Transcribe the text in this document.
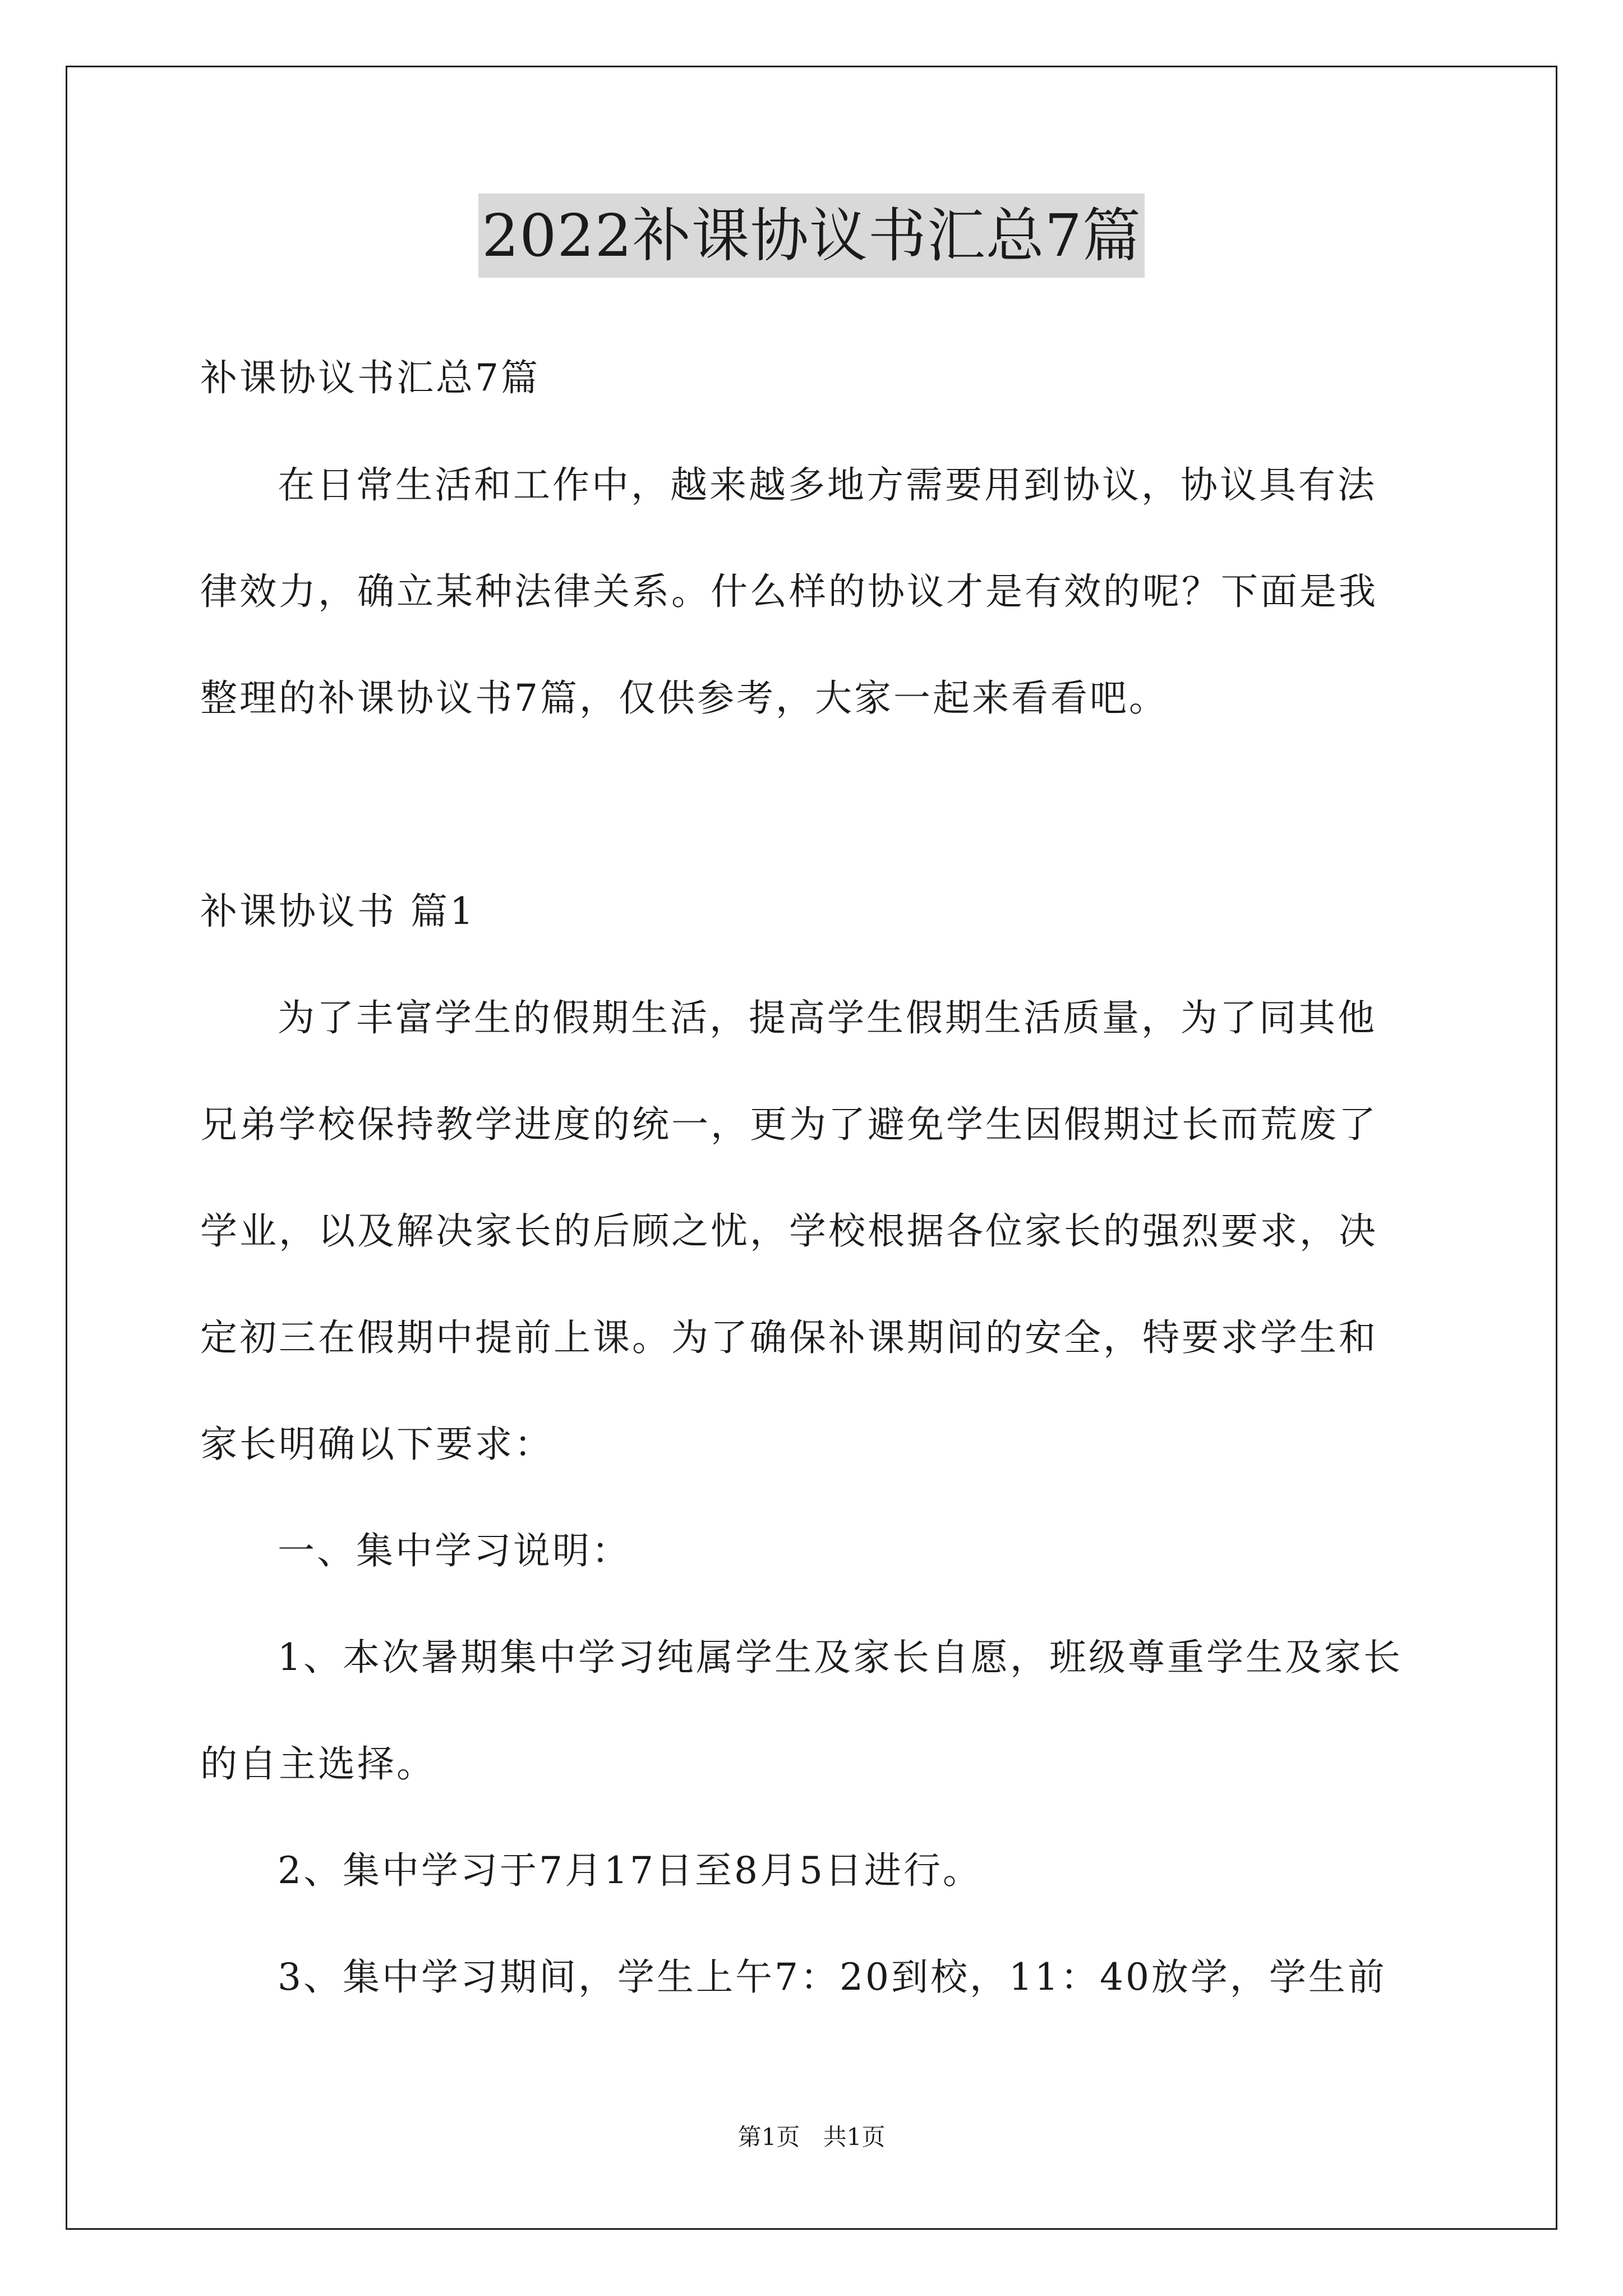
2022补课协议书汇总7篇
补课协议书汇总7篇
在日常生活和工作中，越来越多地方需要用到协议，协议具有法
律效力，确立某种法律关系。什么样的协议才是有效的呢？下面是我
整理的补课协议书7篇，仅供参考，大家一起来看看吧。
补课协议书 篇1
为了丰富学生的假期生活，提高学生假期生活质量，为了同其他
兄弟学校保持教学进度的统一，更为了避免学生因假期过长而荒废了
学业，以及解决家长的后顾之忧，学校根据各位家长的强烈要求，决
定初三在假期中提前上课。为了确保补课期间的安全，特要求学生和
家长明确以下要求：
一、集中学习说明：
1、本次暑期集中学习纯属学生及家长自愿，班级尊重学生及家长
的自主选择。
2、集中学习于7月17日至8月5日进行。
3、集中学习期间，学生上午7：20到校，11：40放学，学生前
第1页 共1页
